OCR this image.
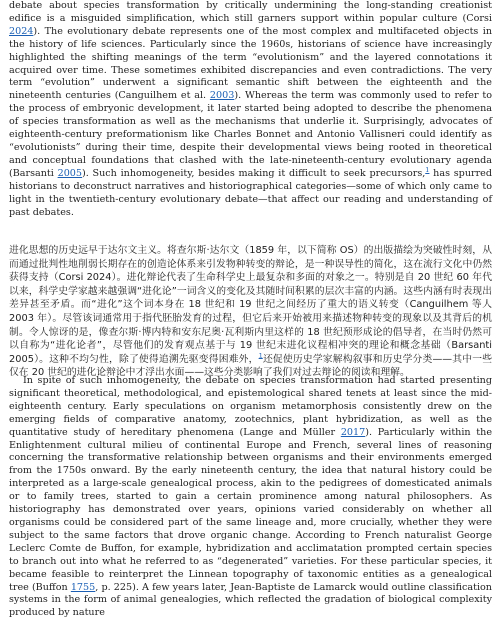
debate about species transformation by critically undermining the long-standing creationist edifice is a misguided simplification, which still garners support within popular culture (Corsi 2024). The evolutionary debate represents one of the most complex and multifaceted objects in the history of life sciences. Particularly since the 1960s, historians of science have increasingly highlighted the shifting meanings of the term “evolutionism” and the layered connotations it acquired over time. These sometimes exhibited discrepancies and even contradictions. The very term “evolution” underwent a significant semantic shift between the eighteenth and the nineteenth centuries (Canguilhem et al. 2003). Whereas the term was commonly used to refer to the process of embryonic development, it later started being adopted to describe the phenomena of species transformation as well as the mechanisms that underlie it. Surprisingly, advocates of eighteenth-century preformationism like Charles Bonnet and Antonio Vallisneri could identify as “evolutionists” during their time, despite their developmental views being rooted in theoretical and conceptual foundations that clashed with the late-nineteenth-century evolutionary agenda (Barsanti 2005). Such inhomogeneity, besides making it difficult to seek precursors,$^1$ has spurred historians to deconstruct narratives and historiographical categories—some of which only came to light in the twentieth-century evolutionary debate—that affect our reading and understanding of past debates.

进化思想的历史远早于达尔文主义。将查尔斯·达尔文（1859 年，以下简称 OS）的出版描绘为突破性时刻，从而通过批判性地削弱长期存在的创造论体系来引发物种转变的辩论，是一种误导性的简化，这在流行文化中仍然获得支持（Corsi 2024）。进化辩论代表了生命科学史上最复杂和多面的对象之一。特别是自 20 世纪 60 年代以来，科学史学家越来越强调“进化论”一词含义的变化及其随时间积累的层次丰富的内涵。这些内涵有时表现出差异甚至矛盾。而“进化”这个词本身在 18 世纪和 19 世纪之间经历了重大的语义转变（Canguilhem 等人 2003 年）。尽管该词通常用于指代胚胎发育的过程，但它后来开始被用来描述物种转变的现象以及其背后的机制。令人惊讶的是，像查尔斯·博内特和安东尼奥·瓦利斯内里这样的 18 世纪预形成论的倡导者，在当时仍然可以自称为“进化论者”，尽管他们的发育观点基于与 19 世纪末进化议程相冲突的理论和概念基础（Barsanti 2005）。这种不均匀性，除了使得追溯先驱变得困难外，$^1$还促使历史学家解构叙事和历史学分类——其中一些仅在 20 世纪的进化论辩论中才浮出水面——这些分类影响了我们对过去辩论的阅读和理解。

In spite of such inhomogeneity, the debate on species transformation had started presenting significant theoretical, methodological, and epistemological shared tenets at least since the mid-eighteenth century. Early speculations on organism metamorphosis consistently drew on the emerging fields of comparative anatomy, zootechnics, plant hybridization, as well as the quantitative study of hereditary phenomena (Lange and Müller 2017). Particularly within the Enlightenment cultural milieu of continental Europe and French, several lines of reasoning concerning the transformative relationship between organisms and their environments emerged from the 1750s onward. By the early nineteenth century, the idea that natural history could be interpreted as a large-scale genealogical process, akin to the pedigrees of domesticated animals or to family trees, started to gain a certain prominence among natural philosophers. As historiography has demonstrated over years, opinions varied considerably on whether all organisms could be considered part of the same lineage and, more crucially, whether they were subject to the same factors that drove organic change. According to French naturalist George Leclerc Comte de Buffon, for example, hybridization and acclimatation prompted certain species to branch out into what he referred to as “degenerated” varieties. For these particular species, it became feasible to reinterpret the Linnean topography of taxonomic entities as a genealogical tree (Buffon 1755, p. 225). A few years later, Jean-Baptiste de Lamarck would outline classification systems in the form of animal genealogies, which reflected the gradation of biological complexity produced by nature
